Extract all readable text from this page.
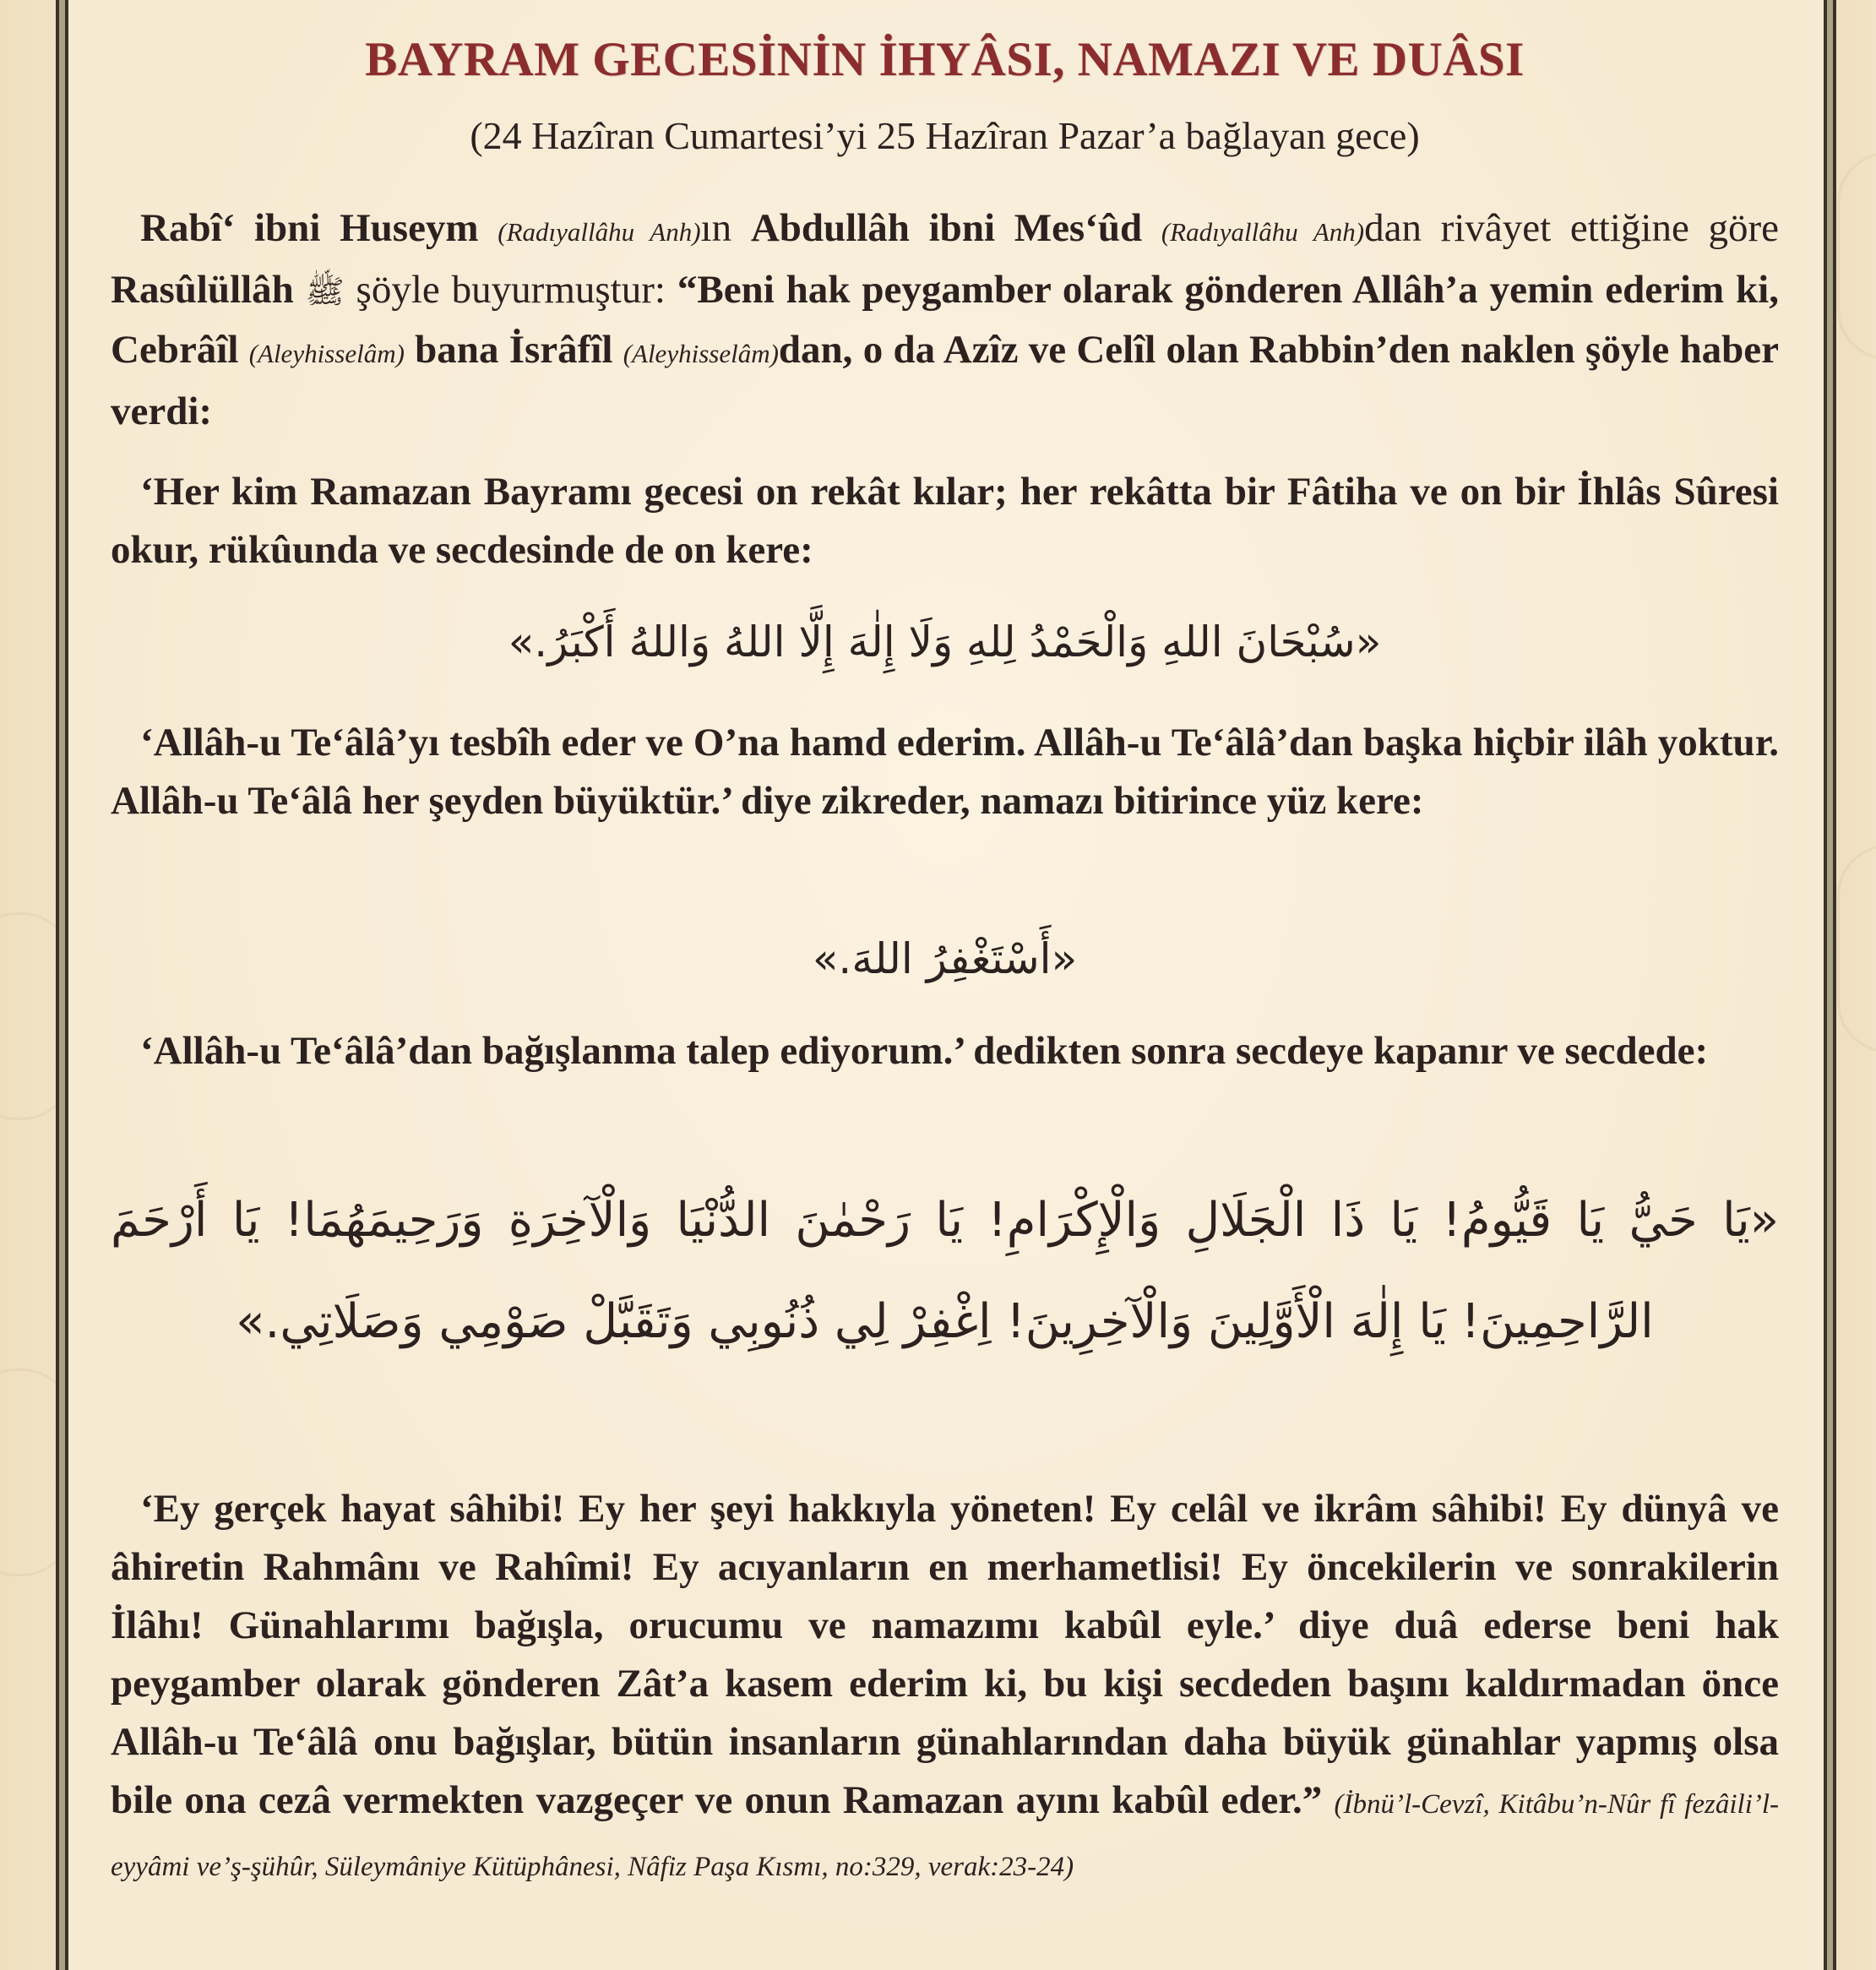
BAYRAM GECESİNİN İHYÂSI, NAMAZI VE DUÂSI
(24 Hazîran Cumartesi’yi 25 Hazîran Pazar’a bağlayan gece)

Rabî‘ ibni Huseym (Radıyallâhu Anh)ın Abdullâh ibni Mes‘ûd (Radıyallâhu Anh)dan rivâyet ettiğine göre Rasûlüllâh ﷺ şöyle buyurmuştur: “Beni hak peygamber olarak gönderen Allâh’a yemin ederim ki, Cebrâîl (Aleyhisselâm) bana İsrâfîl (Aleyhisselâm)dan, o da Azîz ve Celîl olan Rabbin’den naklen şöyle haber verdi:

‘Her kim Ramazan Bayramı gecesi on rekât kılar; her rekâtta bir Fâtiha ve on bir İhlâs Sûresi okur, rükûunda ve secdesinde de on kere:

«سُبْحَانَ اللهِ وَالْحَمْدُ لِلهِ وَلَا إِلٰهَ إِلَّا اللهُ وَاللهُ أَكْبَرُ.»

‘Allâh-u Te‘âlâ’yı tesbîh eder ve O’na hamd ederim. Allâh-u Te‘âlâ’dan başka hiçbir ilâh yoktur. Allâh-u Te‘âlâ her şeyden büyüktür.’ diye zikreder, namazı bitirince yüz kere:

«أَسْتَغْفِرُ اللهَ.»

‘Allâh-u Te‘âlâ’dan bağışlanma talep ediyorum.’ dedikten sonra secdeye kapanır ve secdede:

«يَا حَيُّ يَا قَيُّومُ! يَا ذَا الْجَلَالِ وَالْإِكْرَامِ! يَا رَحْمٰنَ الدُّنْيَا وَالْآخِرَةِ وَرَحِيمَهُمَا! يَا أَرْحَمَ الرَّاحِمِينَ! يَا إِلٰهَ الْأَوَّلِينَ وَالْآخِرِينَ! اِغْفِرْ لِي ذُنُوبِي وَتَقَبَّلْ صَوْمِي وَصَلَاتِي.»

‘Ey gerçek hayat sâhibi! Ey her şeyi hakkıyla yöneten! Ey celâl ve ikrâm sâhibi! Ey dünyâ ve âhiretin Rahmânı ve Rahîmi! Ey acıyanların en merhametlisi! Ey öncekilerin ve sonrakilerin İlâhı! Günahlarımı bağışla, orucumu ve namazımı kabûl eyle.’ diye duâ ederse beni hak peygamber olarak gönderen Zât’a kasem ederim ki, bu kişi secdeden başını kaldırmadan önce Allâh-u Te‘âlâ onu bağışlar, bütün insanların günahlarından daha büyük günahlar yapmış olsa bile ona cezâ vermekten vazgeçer ve onun Ramazan ayını kabûl eder.” (İbnü’l-Cevzî, Kitâbu’n-Nûr fî fezâili’l-eyyâmi ve’ş-şühûr, Süleymâniye Kütüphânesi, Nâfiz Paşa Kısmı, no:329, verak:23-24)
